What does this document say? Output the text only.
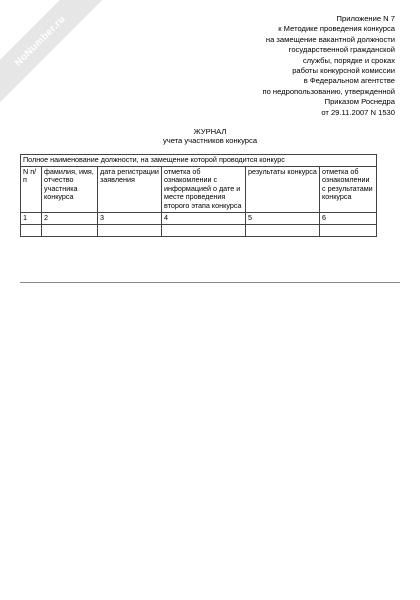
NoNumber.ru	Приложение N 7
к Методике проведения конкурса
на замещение вакантной должности
государственной гражданской
службы, порядке и сроках
работы конкурсной комиссии
в Федеральном агентстве
по недропользованию, утвержденной
Приказом Роснедра
от 29.11.2007 N 1530
ЖУРНАЛ
учета участников конкурса
Полное наименование должности, на замещение которой проводится конкурс					
N п/п	фамилия, имя, отчество участника конкурса	дата регистрации заявления	отметка об ознакомлении с информацией о дате и месте проведения второго этапа конкурса	результаты конкурса	отметка об ознакомлении с результатами конкурса
1	2	3	4	5	6
